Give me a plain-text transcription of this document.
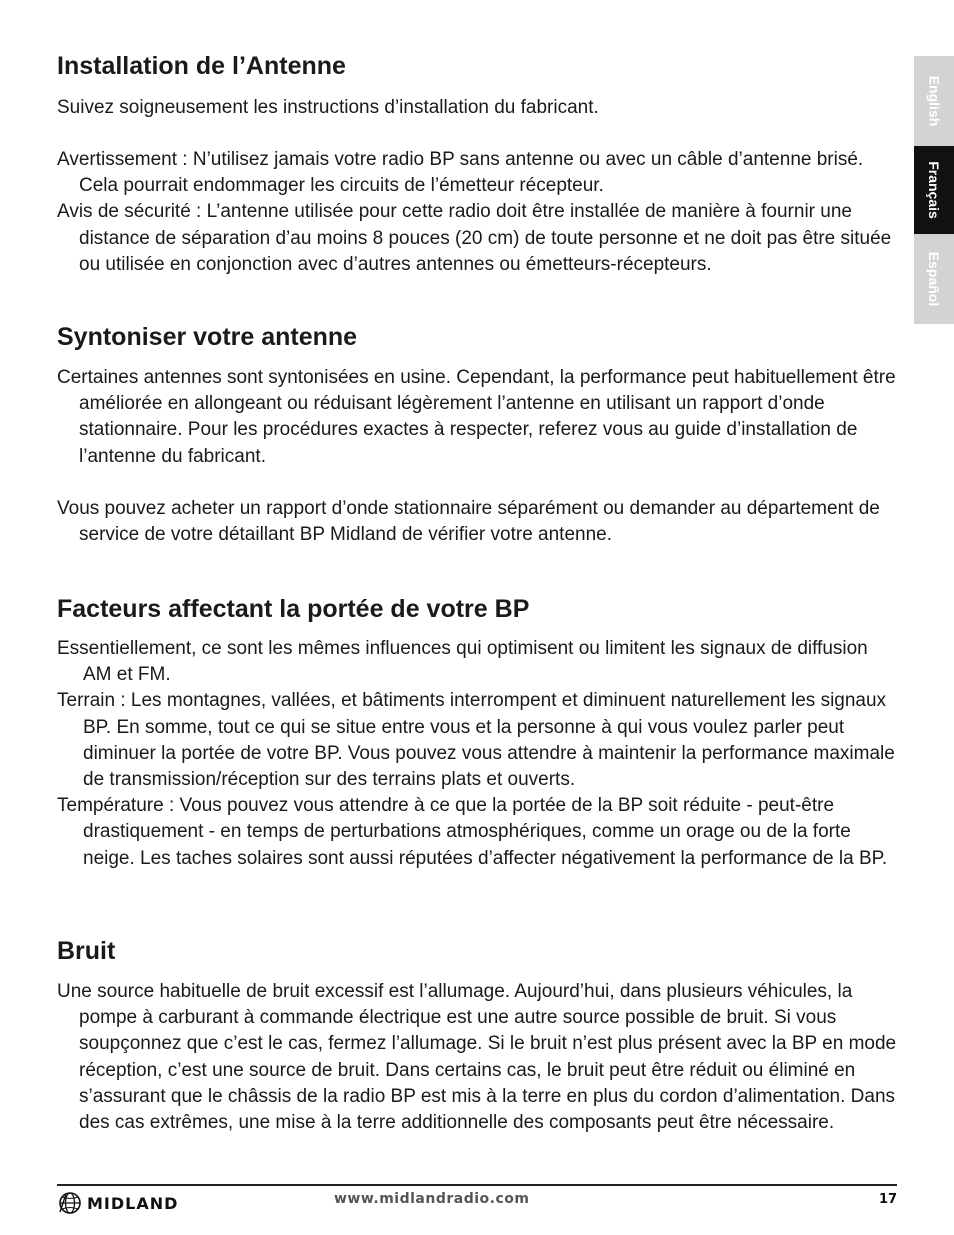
Installation de l’Antenne

Suivez soigneusement les instructions d’installation du fabricant.

Avertissement : N’utilisez jamais votre radio BP sans antenne ou avec un câble d’antenne brisé. Cela pourrait endommager les circuits de l’émetteur récepteur.

Avis de sécurité : L’antenne utilisée pour cette radio doit être installée de manière à fournir une distance de séparation d’au moins 8 pouces (20 cm) de toute personne et ne doit pas être située ou utilisée en conjonction avec d’autres antennes ou émetteurs-récepteurs.

Syntoniser votre antenne

Certaines antennes sont syntonisées en usine. Cependant, la performance peut habituellement être améliorée en allongeant ou réduisant légèrement l’antenne en utilisant un rapport d’onde stationnaire. Pour les procédures exactes à respecter, referez vous au guide d’installation de l’antenne du fabricant.

Vous pouvez acheter un rapport d’onde stationnaire séparément ou demander au département de service de votre détaillant BP Midland de vérifier votre antenne.

Facteurs affectant la portée de votre BP

Essentiellement, ce sont les mêmes influences qui optimisent ou limitent les signaux de diffusion AM et FM.

Terrain : Les montagnes, vallées, et bâtiments interrompent et diminuent naturellement les signaux BP. En somme, tout ce qui se situe entre vous et la personne à qui vous voulez parler peut diminuer la portée de votre BP. Vous pouvez vous attendre à maintenir la performance maximale de transmission/réception sur des terrains plats et ouverts.

Température : Vous pouvez vous attendre à ce que la portée de la BP soit réduite - peut-être drastiquement - en temps de perturbations atmosphériques, comme un orage ou de la forte neige. Les taches solaires sont aussi réputées d’affecter négativement la performance de la BP.

Bruit

Une source habituelle de bruit excessif est l’allumage. Aujourd’hui, dans plusieurs véhicules, la pompe à carburant à commande électrique est une autre source possible de bruit. Si vous soupçonnez que c’est le cas, fermez l’allumage. Si le bruit n’est plus présent avec la BP en mode réception, c’est une source de bruit. Dans certains cas, le bruit peut être réduit ou éliminé en s’assurant que le châssis de la radio BP est mis à la terre en plus du cordon d’alimentation. Dans des cas extrêmes, une mise à la terre additionnelle des composants peut être nécessaire.

English
Français
Español
MIDLAND	www.midlandradio.com	17
